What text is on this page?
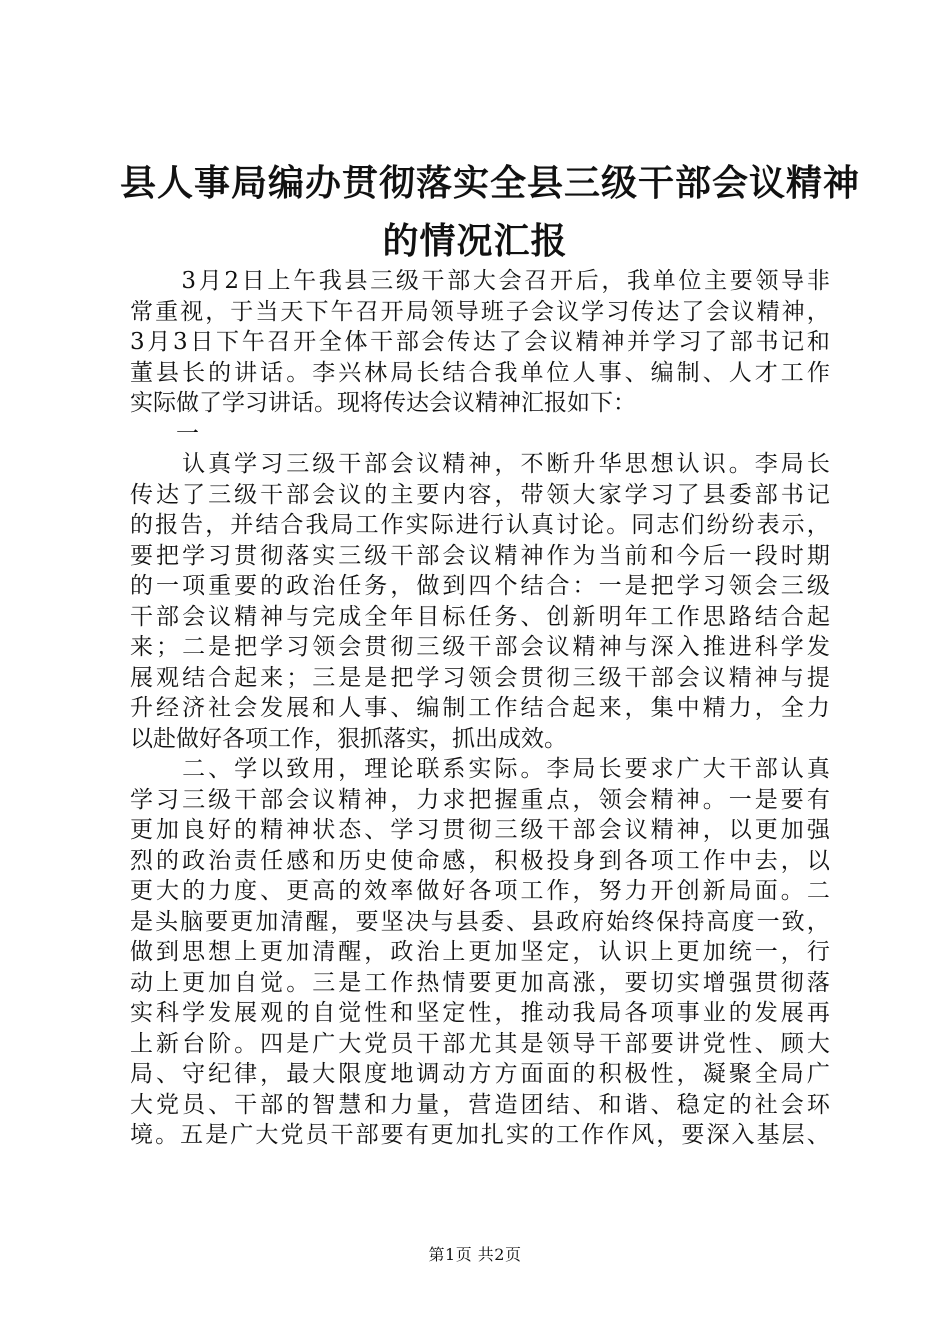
县人事局编办贯彻落实全县三级干部会议精神
的情况汇报

3 月 2 日 上 午 我 县 三 级 干 部 大 会 召 开 后 ， 我 单 位 主 要 领 导 非
常 重 视 ， 于 当 天 下 午 召 开 局 领 导 班 子 会 议 学 习 传 达 了 会 议 精 神 ，
3 月 3 日 下 午 召 开 全 体 干 部 会 传 达 了 会 议 精 神 并 学 习 了 部 书 记 和
董 县 长 的 讲 话 。 李 兴 林 局 长 结 合 我 单 位 人 事 、 编 制 、 人 才 工 作
实 际 做 了 学 习 讲 话 。 现 将 传 达 会 议 精 神 汇 报 如 下 ：

一

认 真 学 习 三 级 干 部 会 议 精 神 ， 不 断 升 华 思 想 认 识 。 李 局 长
传 达 了 三 级 干 部 会 议 的 主 要 内 容 ， 带 领 大 家 学 习 了 县 委 部 书 记
的 报 告 ， 并 结 合 我 局 工 作 实 际 进 行 认 真 讨 论 。 同 志 们 纷 纷 表 示 ，
要 把 学 习 贯 彻 落 实 三 级 干 部 会 议 精 神 作 为 当 前 和 今 后 一 段 时 期
的 一 项 重 要 的 政 治 任 务 ， 做 到 四 个 结 合 ： 一 是 把 学 习 领 会 三 级
干 部 会 议 精 神 与 完 成 全 年 目 标 任 务 、 创 新 明 年 工 作 思 路 结 合 起
来 ； 二 是 把 学 习 领 会 贯 彻 三 级 干 部 会 议 精 神 与 深 入 推 进 科 学 发
展 观 结 合 起 来 ； 三 是 是 把 学 习 领 会 贯 彻 三 级 干 部 会 议 精 神 与 提
升 经 济 社 会 发 展 和 人 事 、 编 制 工 作 结 合 起 来 ， 集 中 精 力 ， 全 力
以 赴 做 好 各 项 工 作 ， 狠 抓 落 实 ， 抓 出 成 效 。

二 、 学 以 致 用 ， 理 论 联 系 实 际 。 李 局 长 要 求 广 大 干 部 认 真
学 习 三 级 干 部 会 议 精 神 ， 力 求 把 握 重 点 ， 领 会 精 神 。 一 是 要 有
更 加 良 好 的 精 神 状 态 、 学 习 贯 彻 三 级 干 部 会 议 精 神 ， 以 更 加 强
烈 的 政 治 责 任 感 和 历 史 使 命 感 ， 积 极 投 身 到 各 项 工 作 中 去 ， 以
更 大 的 力 度 、 更 高 的 效 率 做 好 各 项 工 作 ， 努 力 开 创 新 局 面 。 二
是 头 脑 要 更 加 清 醒 ， 要 坚 决 与 县 委 、 县 政 府 始 终 保 持 高 度 一 致 ，
做 到 思 想 上 更 加 清 醒 ， 政 治 上 更 加 坚 定 ， 认 识 上 更 加 统 一 ， 行
动 上 更 加 自 觉 。 三 是 工 作 热 情 要 更 加 高 涨 ， 要 切 实 增 强 贯 彻 落
实 科 学 发 展 观 的 自 觉 性 和 坚 定 性 ， 推 动 我 局 各 项 事 业 的 发 展 再
上 新 台 阶 。 四 是 广 大 党 员 干 部 尤 其 是 领 导 干 部 要 讲 党 性 、 顾 大
局 、 守 纪 律 ， 最 大 限 度 地 调 动 方 方 面 面 的 积 极 性 ， 凝 聚 全 局 广
大 党 员 、 干 部 的 智 慧 和 力 量 ， 营 造 团 结 、 和 谐 、 稳 定 的 社 会 环
境 。 五 是 广 大 党 员 干 部 要 有 更 加 扎 实 的 工 作 作 风 ， 要 深 入 基 层 、
第1页 共2页
